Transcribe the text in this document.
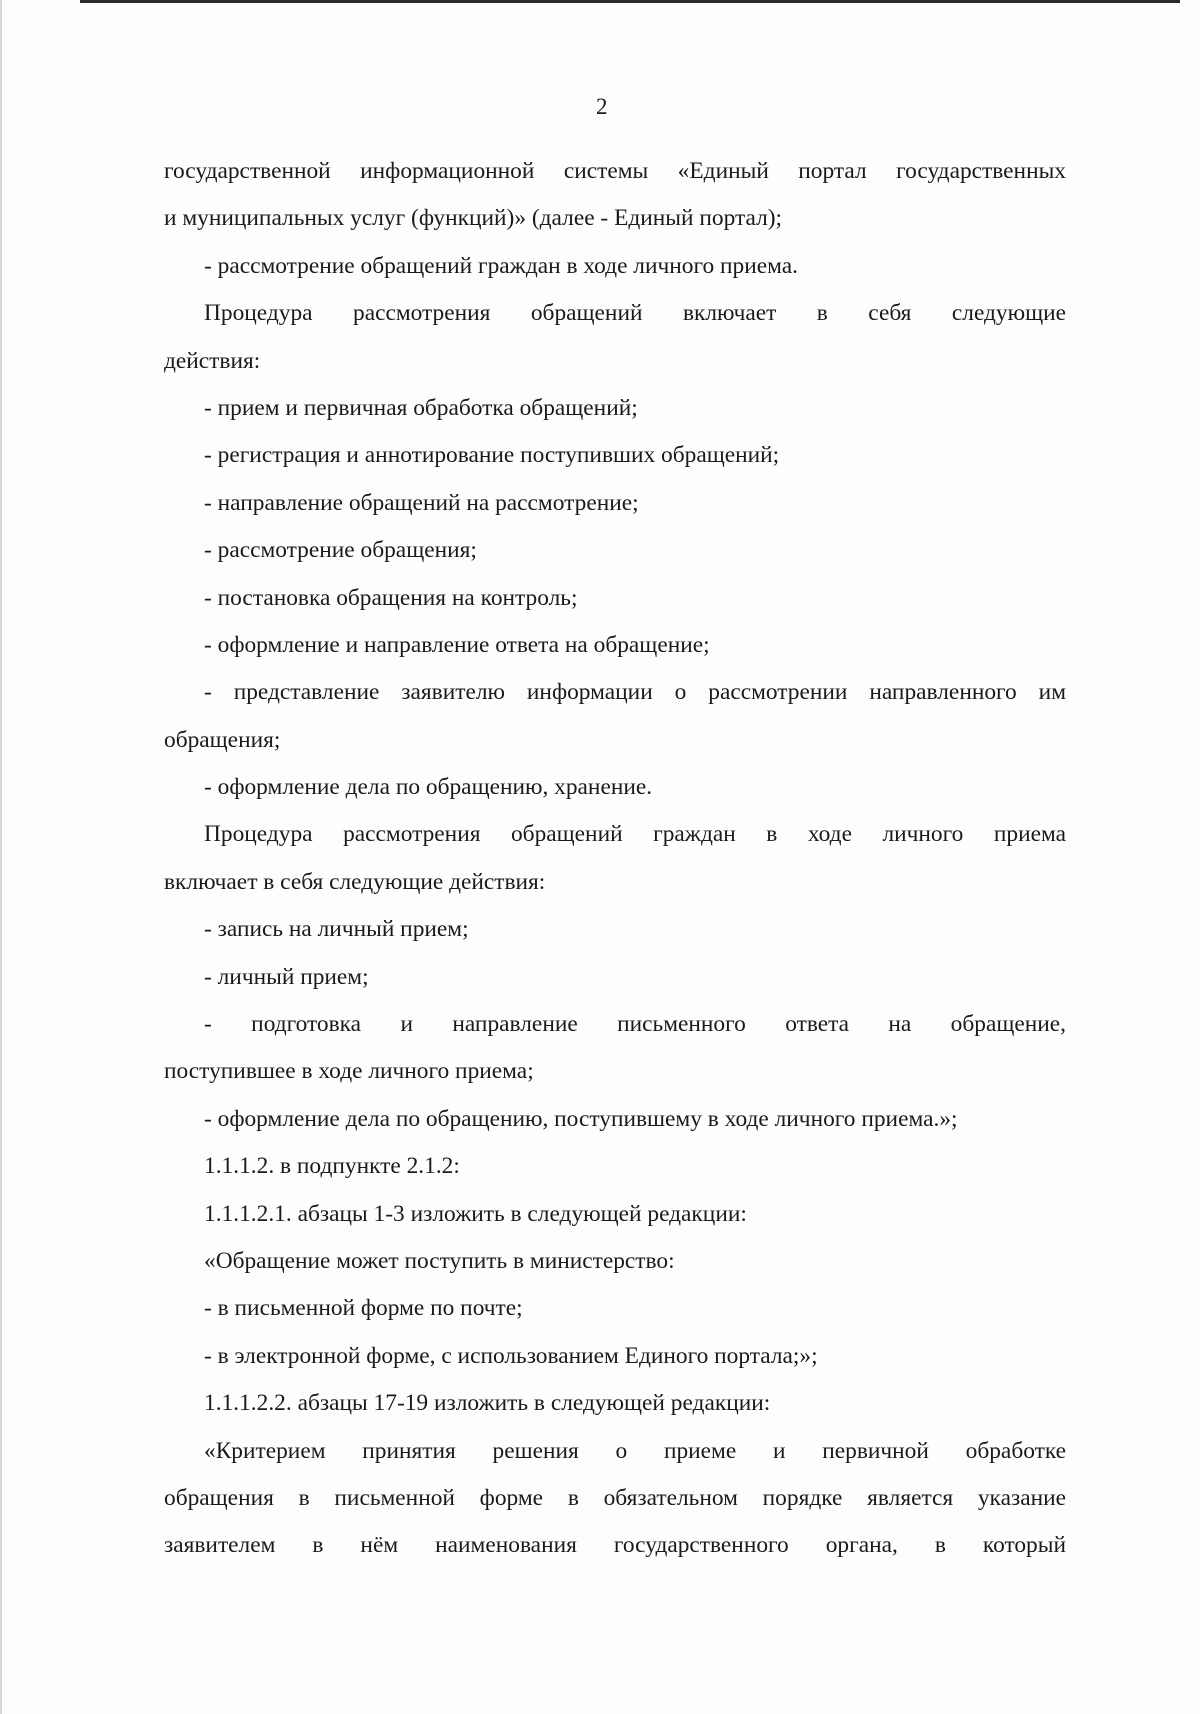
2
государственной информационной системы «Единый портал государственных
и муниципальных услуг (функций)» (далее - Единый портал);
- рассмотрение обращений граждан в ходе личного приема.
Процедура рассмотрения обращений включает в себя следующие
действия:
- прием и первичная обработка обращений;
- регистрация и аннотирование поступивших обращений;
- направление обращений на рассмотрение;
- рассмотрение обращения;
- постановка обращения на контроль;
- оформление и направление ответа на обращение;
- представление заявителю информации о рассмотрении направленного им
обращения;
- оформление дела по обращению, хранение.
Процедура рассмотрения обращений граждан в ходе личного приема
включает в себя следующие действия:
- запись на личный прием;
- личный прием;
- подготовка и направление письменного ответа на обращение,
поступившее в ходе личного приема;
- оформление дела по обращению, поступившему в ходе личного приема.»;
1.1.1.2. в подпункте 2.1.2:
1.1.1.2.1. абзацы 1-3 изложить в следующей редакции:
«Обращение может поступить в министерство:
- в письменной форме по почте;
- в электронной форме, с использованием Единого портала;»;
1.1.1.2.2. абзацы 17-19 изложить в следующей редакции:
«Критерием принятия решения о приеме и первичной обработке
обращения в письменной форме в обязательном порядке является указание
заявителем в нём наименования государственного органа, в который
